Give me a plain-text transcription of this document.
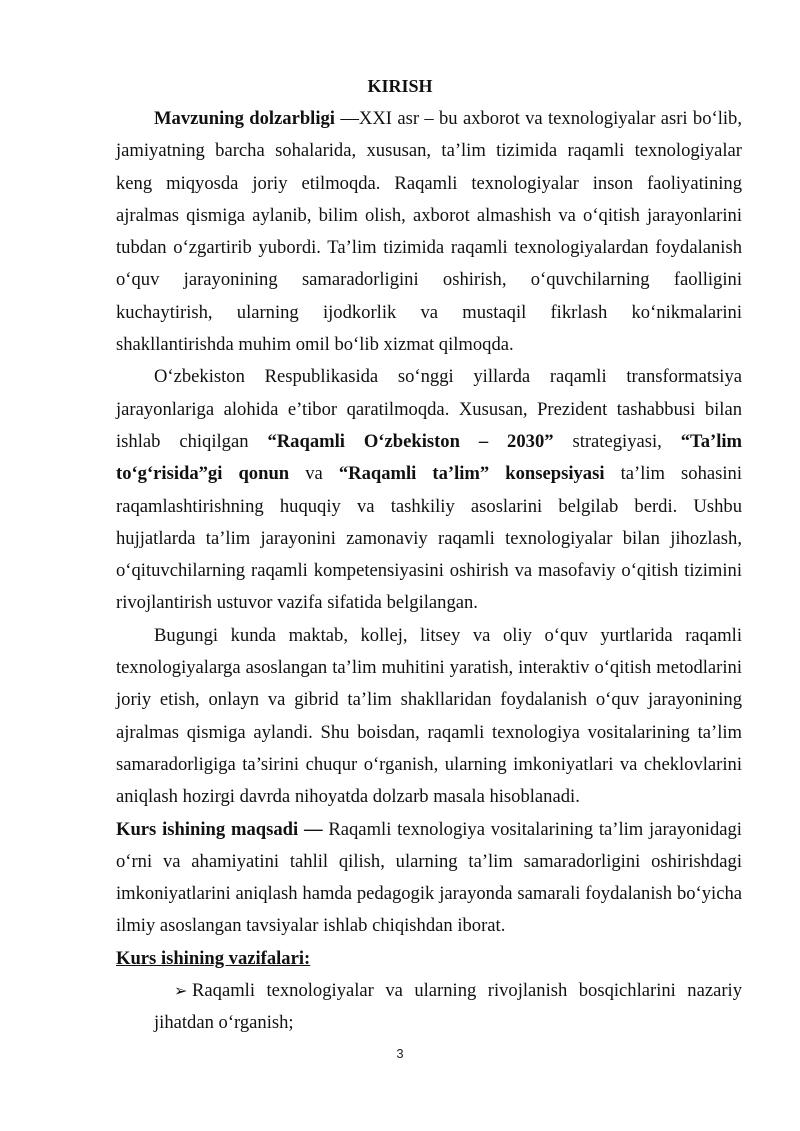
KIRISH

Mavzuning dolzarbligi —XXI asr – bu axborot va texnologiyalar asri bo‘lib, jamiyatning barcha sohalarida, xususan, ta’lim tizimida raqamli texnologiyalar keng miqyosda joriy etilmoqda. Raqamli texnologiyalar inson faoliyatining ajralmas qismiga aylanib, bilim olish, axborot almashish va o‘qitish jarayonlarini tubdan o‘zgartirib yubordi. Ta’lim tizimida raqamli texnologiyalardan foydalanish o‘quv jarayonining samaradorligini oshirish, o‘quvchilarning faolligini kuchaytirish, ularning ijodkorlik va mustaqil fikrlash ko‘nikmalarini shakllantirishda muhim omil bo‘lib xizmat qilmoqda.

O‘zbekiston Respublikasida so‘nggi yillarda raqamli transformatsiya jarayonlariga alohida e’tibor qaratilmoqda. Xususan, Prezident tashabbusi bilan ishlab chiqilgan “Raqamli O‘zbekiston – 2030” strategiyasi, “Ta’lim to‘g‘risida”gi qonun va “Raqamli ta’lim” konsepsiyasi ta’lim sohasini raqamlashtirishning huquqiy va tashkiliy asoslarini belgilab berdi. Ushbu hujjatlarda ta’lim jarayonini zamonaviy raqamli texnologiyalar bilan jihozlash, o‘qituvchilarning raqamli kompetensiyasini oshirish va masofaviy o‘qitish tizimini rivojlantirish ustuvor vazifa sifatida belgilangan.

Bugungi kunda maktab, kollej, litsey va oliy o‘quv yurtlarida raqamli texnologiyalarga asoslangan ta’lim muhitini yaratish, interaktiv o‘qitish metodlarini joriy etish, onlayn va gibrid ta’lim shakllaridan foydalanish o‘quv jarayonining ajralmas qismiga aylandi. Shu boisdan, raqamli texnologiya vositalarining ta’lim samaradorligiga ta’sirini chuqur o‘rganish, ularning imkoniyatlari va cheklovlarini aniqlash hozirgi davrda nihoyatda dolzarb masala hisoblanadi.

Kurs ishining maqsadi — Raqamli texnologiya vositalarining ta’lim jarayonidagi o‘rni va ahamiyatini tahlil qilish, ularning ta’lim samaradorligini oshirishdagi imkoniyatlarini aniqlash hamda pedagogik jarayonda samarali foydalanish bo‘yicha ilmiy asoslangan tavsiyalar ishlab chiqishdan iborat.

Kurs ishining vazifalari:

➢ Raqamli texnologiyalar va ularning rivojlanish bosqichlarini nazariy jihatdan o‘rganish;

3
